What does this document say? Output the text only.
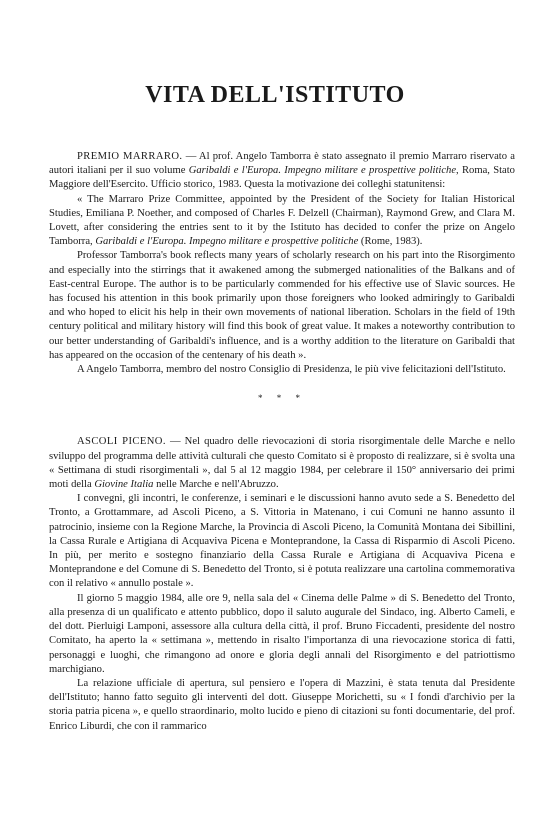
VITA DELL'ISTITUTO

PREMIO MARRARO. — Al prof. Angelo Tamborra è stato assegnato il premio Marraro riservato a autori italiani per il suo volume Garibaldi e l'Europa. Impegno militare e prospettive politiche, Roma, Stato Maggiore dell'Esercito. Ufficio storico, 1983. Questa la motivazione dei colleghi statunitensi:

« The Marraro Prize Committee, appointed by the President of the Society for Italian Historical Studies, Emiliana P. Noether, and composed of Charles F. Delzell (Chairman), Raymond Grew, and Clara M. Lovett, after considering the entries sent to it by the Istituto has decided to confer the prize on Angelo Tamborra, Garibaldi e l'Europa. Impegno militare e prospettive politiche (Rome, 1983).

Professor Tamborra's book reflects many years of scholarly research on his part into the Risorgimento and especially into the stirrings that it awakened among the submerged nationalities of the Balkans and of East-central Europe. The author is to be particularly commended for his effective use of Slavic sources. He has focused his attention in this book primarily upon those foreigners who looked admiringly to Garibaldi and who hoped to elicit his help in their own movements of national liberation. Scholars in the field of 19th century political and military history will find this book of great value. It makes a noteworthy contribution to our better understanding of Garibaldi's influence, and is a worthy addition to the literature on Garibaldi that has appeared on the occasion of the centenary of his death ».

A Angelo Tamborra, membro del nostro Consiglio di Presidenza, le più vive felicitazioni dell'Istituto.

* * *

ASCOLI PICENO. — Nel quadro delle rievocazioni di storia risorgimentale delle Marche e nello sviluppo del programma delle attività culturali che questo Comitato si è proposto di realizzare, si è svolta una « Settimana di studi risorgimentali », dal 5 al 12 maggio 1984, per celebrare il 150° anniversario dei primi moti della Giovine Italia nelle Marche e nell'Abruzzo.

I convegni, gli incontri, le conferenze, i seminari e le discussioni hanno avuto sede a S. Benedetto del Tronto, a Grottammare, ad Ascoli Piceno, a S. Vittoria in Matenano, i cui Comuni ne hanno assunto il patrocinio, insieme con la Regione Marche, la Provincia di Ascoli Piceno, la Comunità Montana dei Sibillini, la Cassa Rurale e Artigiana di Acquaviva Picena e Monteprandone, la Cassa di Risparmio di Ascoli Piceno. In più, per merito e sostegno finanziario della Cassa Rurale e Artigiana di Acquaviva Picena e Monteprandone e del Comune di S. Benedetto del Tronto, si è potuta realizzare una cartolina commemorativa con il relativo « annullo postale ».

Il giorno 5 maggio 1984, alle ore 9, nella sala del « Cinema delle Palme » di S. Benedetto del Tronto, alla presenza di un qualificato e attento pubblico, dopo il saluto augurale del Sindaco, ing. Alberto Cameli, e del dott. Pierluigi Lamponi, assessore alla cultura della città, il prof. Bruno Ficcadenti, presidente del nostro Comitato, ha aperto la « settimana », mettendo in risalto l'importanza di una rievocazione storica di fatti, personaggi e luoghi, che rimangono ad onore e gloria degli annali del Risorgimento e del patriottismo marchigiano.

La relazione ufficiale di apertura, sul pensiero e l'opera di Mazzini, è stata tenuta dal Presidente dell'Istituto; hanno fatto seguito gli interventi del dott. Giuseppe Morichetti, su « I fondi d'archivio per la storia patria picena », e quello straordinario, molto lucido e pieno di citazioni su fonti documentarie, del prof. Enrico Liburdi, che con il rammarico
